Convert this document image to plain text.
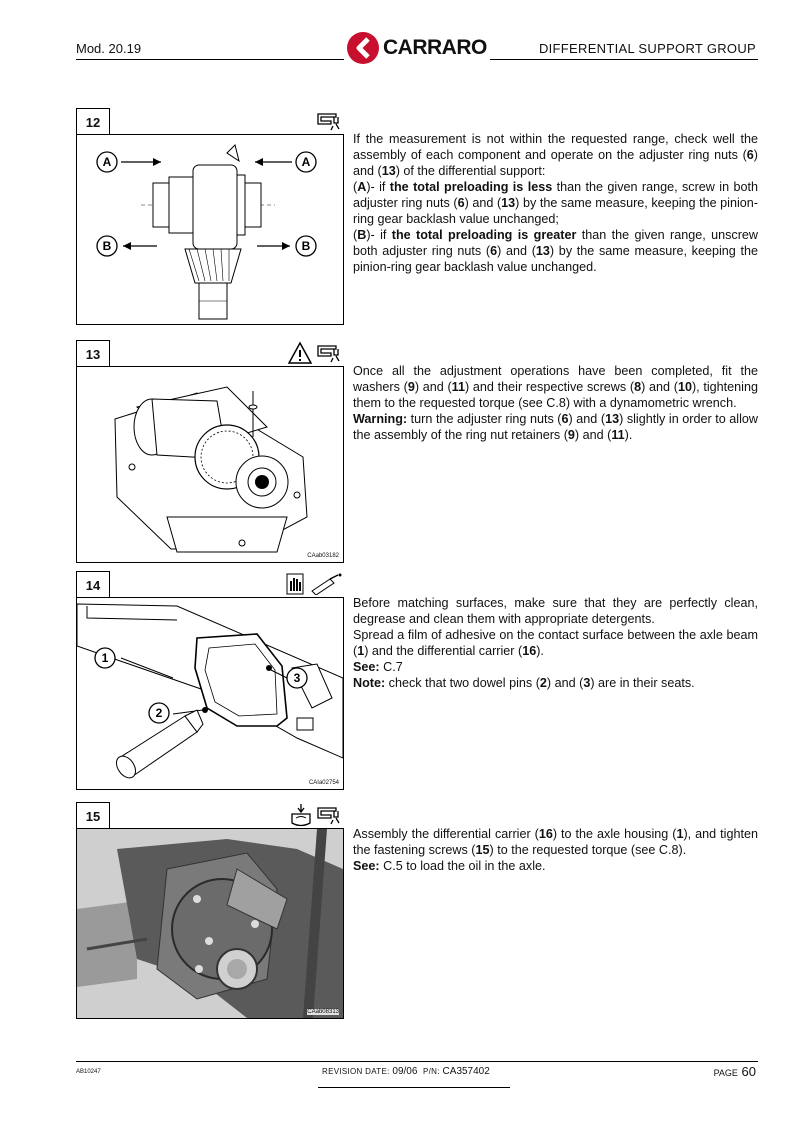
Mod. 20.19	CARRARO	DIFFERENTIAL SUPPORT GROUP
12
A	A
B	B

If the measurement is not within the requested range, check well the assembly of each component and operate on the adjuster ring nuts (6) and (13) of the differential support:

(A)- if the total preloading is less than the given range, screw in both adjuster ring nuts (6) and (13) by the same measure, keeping the pinion-ring gear backlash value unchanged;

(B)- if the total preloading is greater than the given range, unscrew both adjuster ring nuts (6) and (13) by the same measure, keeping the pinion-ring gear backlash value unchanged.

13
CAab03182

Once all the adjustment operations have been completed, fit the washers (9) and (11) and their respective screws (8) and (10), tightening them to the requested torque (see C.8) with a dynamometric wrench.

Warning: turn the adjuster ring nuts (6) and (13) slightly in order to allow the assembly of the ring nut retainers (9) and (11).

14
1
2
3
CAIa02754

Before matching surfaces, make sure that they are perfectly clean, degrease and clean them with appropriate detergents.

Spread a film of adhesive on the contact surface between the axle beam (1) and the differential carrier (16).

See: C.7

Note: check that two dowel pins (2) and (3) are in their seats.

15
CAab08313

Assembly the differential carrier (16) to the axle housing (1), and tighten the fastening screws (15) to the requested torque (see C.8).

See: C.5 to load the oil in the axle.

AB10247	REVISION DATE: 09/06 P/N: CA357402	PAGE 60
